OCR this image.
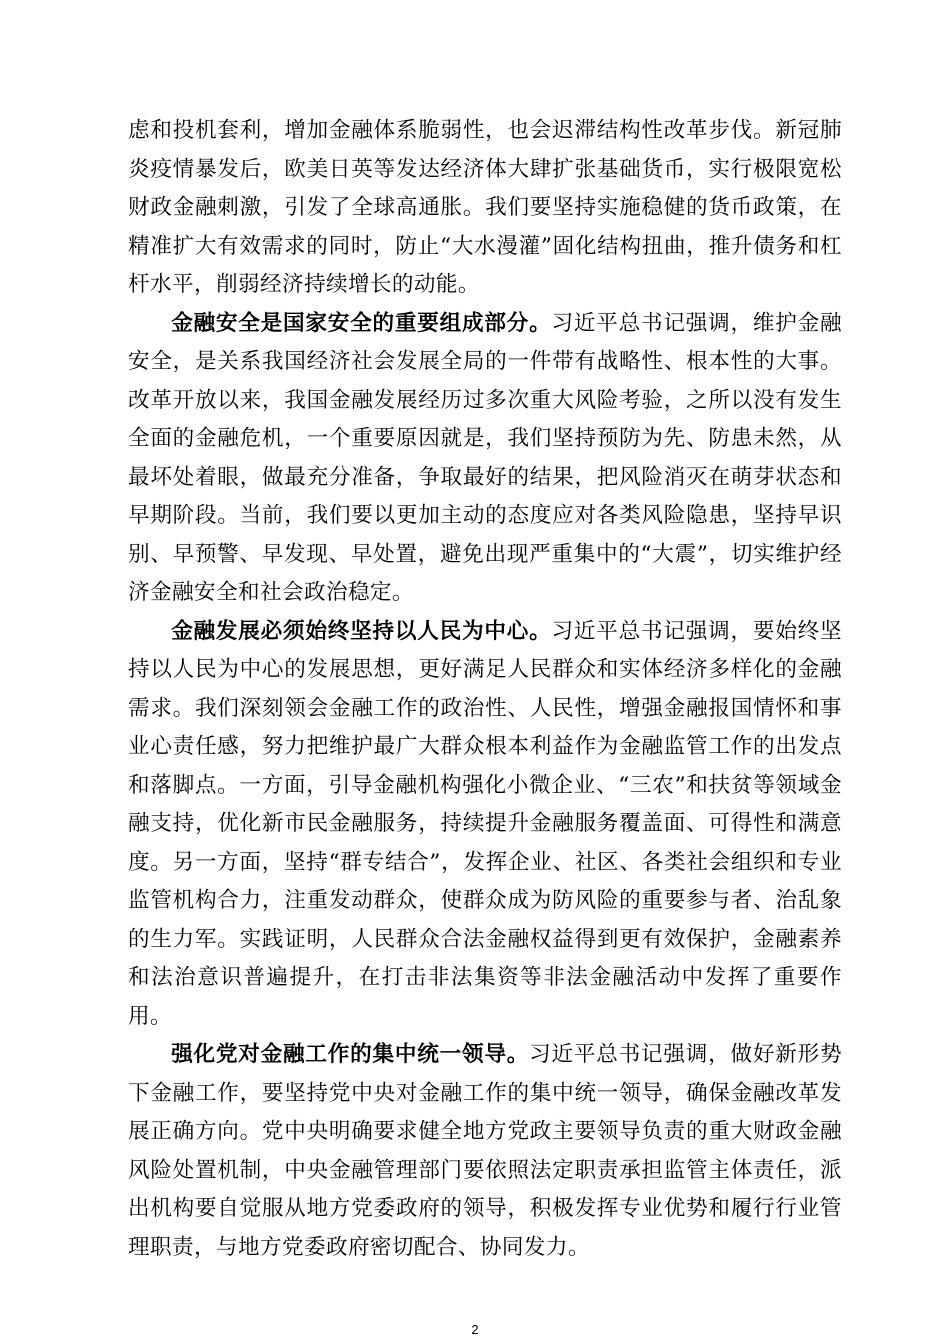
虑和投机套利，增加金融体系脆弱性，也会迟滞结构性改革步伐。新冠肺炎疫情暴发后，欧美日英等发达经济体大肆扩张基础货币，实行极限宽松财政金融刺激，引发了全球高通胀。我们要坚持实施稳健的货币政策，在精准扩大有效需求的同时，防止“大水漫灌”固化结构扭曲，推升债务和杠杆水平，削弱经济持续增长的动能。

金融安全是国家安全的重要组成部分。习近平总书记强调，维护金融安全，是关系我国经济社会发展全局的一件带有战略性、根本性的大事。改革开放以来，我国金融发展经历过多次重大风险考验，之所以没有发生全面的金融危机，一个重要原因就是，我们坚持预防为先、防患未然，从最坏处着眼，做最充分准备，争取最好的结果，把风险消灭在萌芽状态和早期阶段。当前，我们要以更加主动的态度应对各类风险隐患，坚持早识别、早预警、早发现、早处置，避免出现严重集中的“大震”，切实维护经济金融安全和社会政治稳定。

金融发展必须始终坚持以人民为中心。习近平总书记强调，要始终坚持以人民为中心的发展思想，更好满足人民群众和实体经济多样化的金融需求。我们深刻领会金融工作的政治性、人民性，增强金融报国情怀和事业心责任感，努力把维护最广大群众根本利益作为金融监管工作的出发点和落脚点。一方面，引导金融机构强化小微企业、“三农”和扶贫等领域金融支持，优化新市民金融服务，持续提升金融服务覆盖面、可得性和满意度。另一方面，坚持“群专结合”，发挥企业、社区、各类社会组织和专业监管机构合力，注重发动群众，使群众成为防风险的重要参与者、治乱象的生力军。实践证明，人民群众合法金融权益得到更有效保护，金融素养和法治意识普遍提升，在打击非法集资等非法金融活动中发挥了重要作用。

强化党对金融工作的集中统一领导。习近平总书记强调，做好新形势下金融工作，要坚持党中央对金融工作的集中统一领导，确保金融改革发展正确方向。党中央明确要求健全地方党政主要领导负责的重大财政金融风险处置机制，中央金融管理部门要依照法定职责承担监管主体责任，派出机构要自觉服从地方党委政府的领导，积极发挥专业优势和履行行业管理职责，与地方党委政府密切配合、协同发力。

2
